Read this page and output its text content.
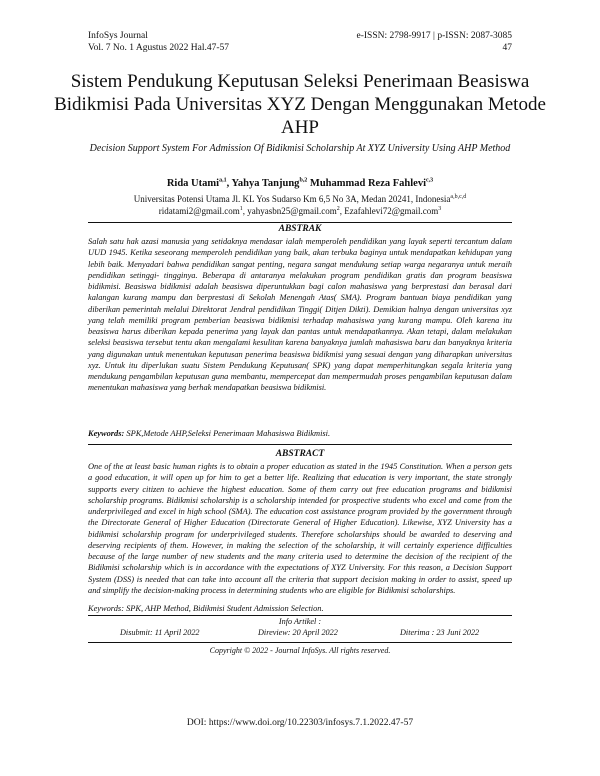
InfoSys Journal
Vol. 7 No. 1 Agustus 2022 Hal.47-57
e-ISSN: 2798-9917 | p-ISSN: 2087-3085
47
Sistem Pendukung Keputusan Seleksi Penerimaan Beasiswa Bidikmisi Pada Universitas XYZ Dengan Menggunakan Metode AHP
Decision Support System For Admission Of Bidikmisi Scholarship At XYZ University Using AHP Method
Rida Utami$^{a,1}$, Yahya Tanjung$^{b,2}$ Muhammad Reza Fahlevi$^{c,3}$
Universitas Potensi Utama Jl. KL Yos Sudarso Km 6,5 No 3A, Medan 20241, Indonesia$^{a,b,c,d}$
ridatami2@gmail.com$^1$, yahyasbn25@gmail.com$^2$, Ezafahlevi72@gmail.com$^3$
ABSTRAK
Salah satu hak azasi manusia yang setidaknya mendasar ialah memperoleh pendidikan yang layak seperti tercantum dalam UUD 1945. Ketika seseorang memperoleh pendidikan yang baik, akan terbuka baginya untuk mendapatkan kehidupan yang lebih baik. Menyadari bahwa pendidikan sangat penting, negara sangat mendukung setiap warga negaranya untuk meraih pendidikan setinggi- tingginya. Beberapa di antaranya melakukan program pendidikan gratis dan program beasiswa bidikmisi. Beasiswa bidikmisi adalah beasiswa diperuntukkan bagi calon mahasiswa yang berprestasi dan berasal dari kalangan kurang mampu dan berprestasi di Sekolah Menengah Atas( SMA). Program bantuan biaya pendidikan yang diberikan pemerintah melalui Direktorat Jendral pendidikan Tinggi( Ditjen Dikti). Demikian halnya dengan universitas xyz yang telah memiliki program pemberian beasiswa bidikmisi terhadap mahasiswa yang kurang mampu. Oleh karena itu beasiswa harus diberikan kepada penerima yang layak dan pantas untuk mendapatkannya. Akan tetapi, dalam melakukan seleksi beasiswa tersebut tentu akan mengalami kesulitan karena banyaknya jumlah mahasiswa baru dan banyaknya kriteria yang digunakan untuk menentukan keputusan penerima beasiswa bidikmisi yang sesuai dengan yang diharapkan universitas xyz. Untuk itu diperlukan suatu Sistem Pendukung Keputusan( SPK) yang dapat memperhitungkan segala kriteria yang mendukung pengambilan keputusan guna membantu, mempercepat dan mempermudah proses pengambilan keputusan dalam menentukan mahasiswa yang berhak mendapatkan beasiswa bidikmisi.
Keywords: SPK,Metode AHP,Seleksi Penerimaan Mahasiswa Bidikmisi.
ABSTRACT
One of the at least basic human rights is to obtain a proper education as stated in the 1945 Constitution. When a person gets a good education, it will open up for him to get a better life. Realizing that education is very important, the state strongly supports every citizen to achieve the highest education. Some of them carry out free education programs and bidikmisi scholarship programs. Bidikmisi scholarship is a scholarship intended for prospective students who excel and come from the underprivileged and excel in high school (SMA). The education cost assistance program provided by the government through the Directorate General of Higher Education (Directorate General of Higher Education). Likewise, XYZ University has a bidikmisi scholarship program for underprivileged students. Therefore scholarships should be awarded to deserving and deserving recipients of them. However, in making the selection of the scholarship, it will certainly experience difficulties because of the large number of new students and the many criteria used to determine the decision of the recipient of the Bidikmisi scholarship which is in accordance with the expectations of XYZ University. For this reason, a Decision Support System (DSS) is needed that can take into account all the criteria that support decision making in order to assist, speed up and simplify the decision-making process in determining students who are eligible for Bidikmisi scholarships.
Keywords: SPK, AHP Method, Bidikmisi Student Admission Selection.
Info Artikel :
Disubmit: 11 April 2022	Direview: 20 April 2022	Diterima : 23 Juni 2022
Copyright © 2022 - Journal InfoSys. All rights reserved.
DOI: https://www.doi.org/10.22303/infosys.7.1.2022.47-57
